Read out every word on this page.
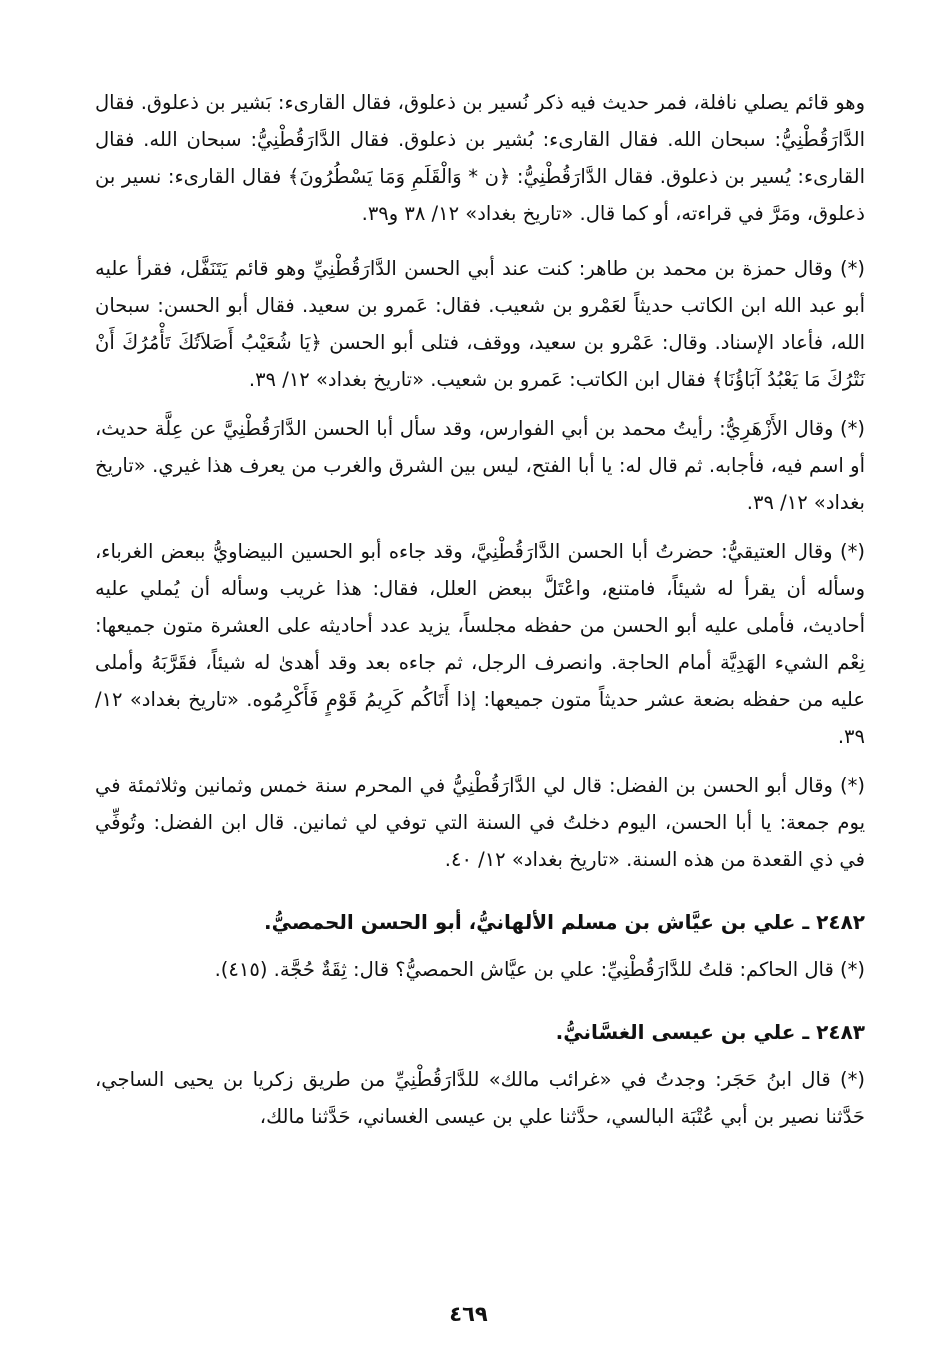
وهو قائم يصلي نافلة، فمر حديث فيه ذكر نُسير بن ذعلوق، فقال القارىء: بَشير بن ذعلوق. فقال الدَّارَقُطْنِيُّ: سبحان الله. فقال القارىء: بُشير بن ذعلوق. فقال الدَّارَقُطْنِيُّ: سبحان الله. فقال القارىء: يُسير بن ذعلوق. فقال الدَّارَقُطْنِيُّ: ﴿ن * وَالْقَلَمِ وَمَا يَسْطُرُونَ﴾ فقال القارىء: نسير بن ذعلوق، ومَرَّ في قراءته، أو كما قال. «تاريخ بغداد» ١٢/ ٣٨ و٣٩.

(*) وقال حمزة بن محمد بن طاهر: كنت عند أبي الحسن الدَّارَقُطْنِيِّ وهو قائم يَتَنَفَّل، فقرأ عليه أبو عبد الله ابن الكاتب حديثاً لعَمْرو بن شعيب. فقال: عَمرو بن سعيد. فقال أبو الحسن: سبحان الله، فأعاد الإسناد. وقال: عَمْرو بن سعيد، ووقف، فتلى أبو الحسن ﴿يَا شُعَيْبُ أَصَلاَتُكَ تَأْمُرُكَ أَنْ نَتْرُكَ مَا يَعْبُدُ آبَاؤُنَا﴾ فقال ابن الكاتب: عَمرو بن شعيب. «تاريخ بغداد» ١٢/ ٣٩.

(*) وقال الأَزْهَرِيُّ: رأيتُ محمد بن أبي الفوارس، وقد سأل أبا الحسن الدَّارَقُطْنِيَّ عن عِلَّة حديث، أو اسم فيه، فأجابه. ثم قال له: يا أبا الفتح، ليس بين الشرق والغرب من يعرف هذا غيري. «تاريخ بغداد» ١٢/ ٣٩.

(*) وقال العتيقيُّ: حضرتُ أبا الحسن الدَّارَقُطْنِيَّ، وقد جاءه أبو الحسين البيضاويُّ ببعض الغرباء، وسأله أن يقرأ له شيئاً، فامتنع، واعْتَلَّ ببعض العلل، فقال: هذا غريب وسأله أن يُملي عليه أحاديث، فأملى عليه أبو الحسن من حفظه مجلساً، يزيد عدد أحاديثه على العشرة متون جميعها: نِعْم الشيء الهَدِيَّة أمام الحاجة. وانصرف الرجل، ثم جاءه بعد وقد أهدىٰ له شيئاً، فقَرَّبَهُ وأملى عليه من حفظه بضعة عشر حديثاً متون جميعها: إذا أَتَاكُم كَرِيمُ قَوْمٍ فَأَكْرِمُوه. «تاريخ بغداد» ١٢/ ٣٩.

(*) وقال أبو الحسن بن الفضل: قال لي الدَّارَقُطْنِيُّ في المحرم سنة خمس وثمانين وثلاثمئة في يوم جمعة: يا أبا الحسن، اليوم دخلتُ في السنة التي توفي لي ثمانين. قال ابن الفضل: وتُوفِّي في ذي القعدة من هذه السنة. «تاريخ بغداد» ١٢/ ٤٠.

٢٤٨٢ ـ علي بن عيَّاش بن مسلم الألهانيُّ، أبو الحسن الحمصيُّ.

(*) قال الحاكم: قلتُ للدَّارَقُطْنِيِّ: علي بن عيَّاش الحمصيُّ؟ قال: ثِقَةٌ حُجَّة. (٤١٥).

٢٤٨٣ ـ علي بن عيسى الغسَّانيُّ.

(*) قال ابنُ حَجَر: وجدتُ في «غرائب مالك» للدَّارَقُطْنِيِّ من طريق زكريا بن يحيى الساجي، حَدَّثنا نصير بن أبي عُتْبَة البالسي، حدَّثنا علي بن عيسى الغساني، حَدَّثنا مالك،

٤٦٩
